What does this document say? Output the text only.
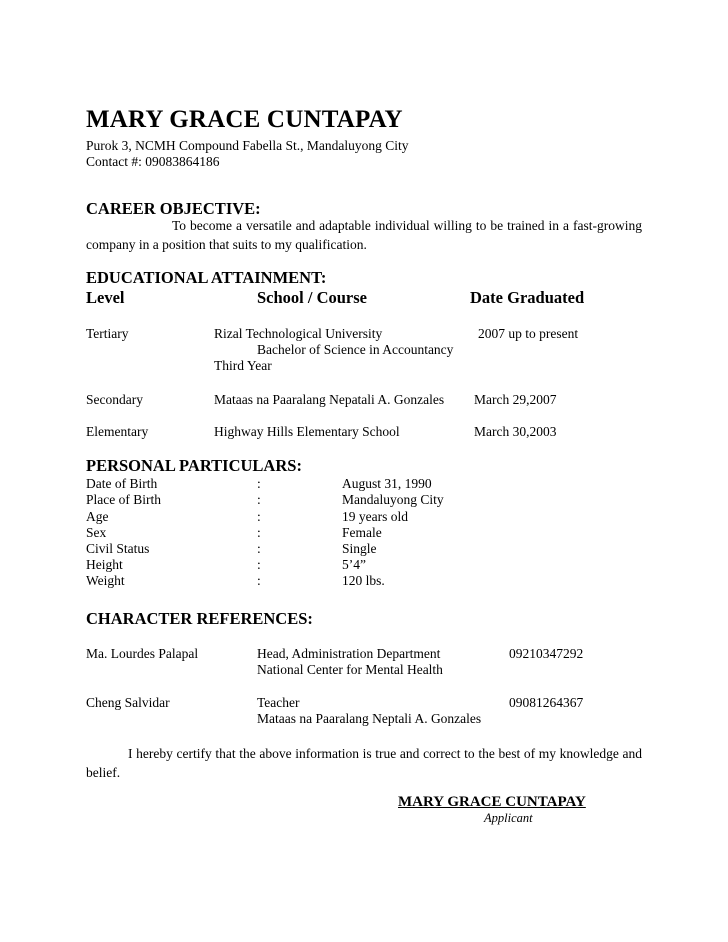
MARY GRACE CUNTAPAY
Purok 3, NCMH Compound Fabella St., Mandaluyong City
Contact #: 09083864186
CAREER OBJECTIVE:

To become a versatile and adaptable individual willing to be trained in a fast-growing company in a position that suits to my qualification.

EDUCATIONAL ATTAINMENT:
Level	School / Course	Date Graduated
Tertiary	Rizal Technological University	2007 up to present
Bachelor of Science in Accountancy
Third Year
Secondary	Mataas na Paaralang Nepatali A. Gonzales March 29,2007
Elementary	Highway Hills Elementary School	March 30,2003
PERSONAL PARTICULARS:
Date of Birth	:	August 31, 1990
Place of Birth	:	Mandaluyong City
Age	:	19 years old
Sex	:	Female
Civil Status	:	Single
Height	:	5’4”
Weight	:	120 lbs.
CHARACTER REFERENCES:
Ma. Lourdes Palapal	Head, Administration Department	09210347292
National Center for Mental Health
Cheng Salvidar	Teacher	09081264367
Mataas na Paaralang Neptali A. Gonzales

I hereby certify that the above information is true and correct to the best of my knowledge and belief.

MARY GRACE CUNTAPAY
Applicant
